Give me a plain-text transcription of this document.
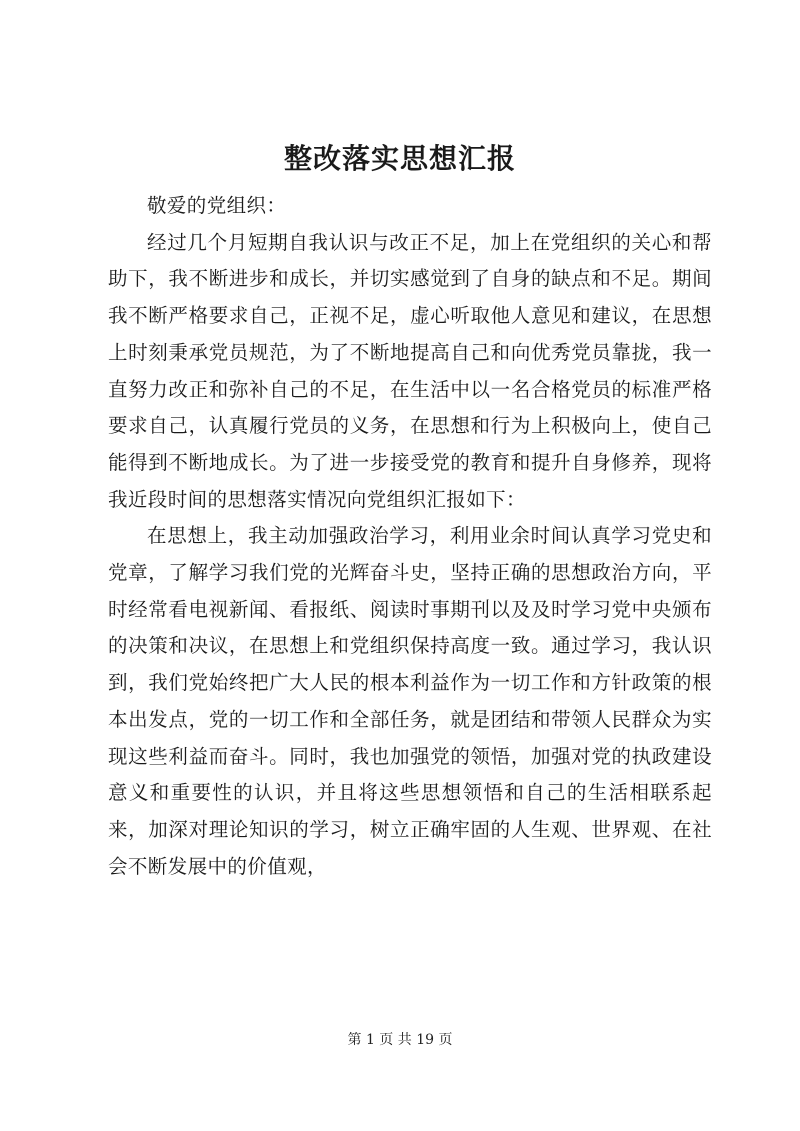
整改落实思想汇报

敬爱的党组织：

经过几个月短期自我认识与改正不足，加上在党组织的关心和帮助下，我不断进步和成长，并切实感觉到了自身的缺点和不足。期间我不断严格要求自己，正视不足，虚心听取他人意见和建议，在思想上时刻秉承党员规范，为了不断地提高自己和向优秀党员靠拢，我一直努力改正和弥补自己的不足，在生活中以一名合格党员的标准严格要求自己，认真履行党员的义务，在思想和行为上积极向上，使自己能得到不断地成长。为了进一步接受党的教育和提升自身修养，现将我近段时间的思想落实情况向党组织汇报如下：

在思想上，我主动加强政治学习，利用业余时间认真学习党史和党章，了解学习我们党的光辉奋斗史，坚持正确的思想政治方向，平时经常看电视新闻、看报纸、阅读时事期刊以及及时学习党中央颁布的决策和决议，在思想上和党组织保持高度一致。通过学习，我认识到，我们党始终把广大人民的根本利益作为一切工作和方针政策的根本出发点，党的一切工作和全部任务，就是团结和带领人民群众为实现这些利益而奋斗。同时，我也加强党的领悟，加强对党的执政建设意义和重要性的认识，并且将这些思想领悟和自己的生活相联系起来，加深对理论知识的学习，树立正确牢固的人生观、世界观、在社会不断发展中的价值观，

第 1 页 共 19 页
